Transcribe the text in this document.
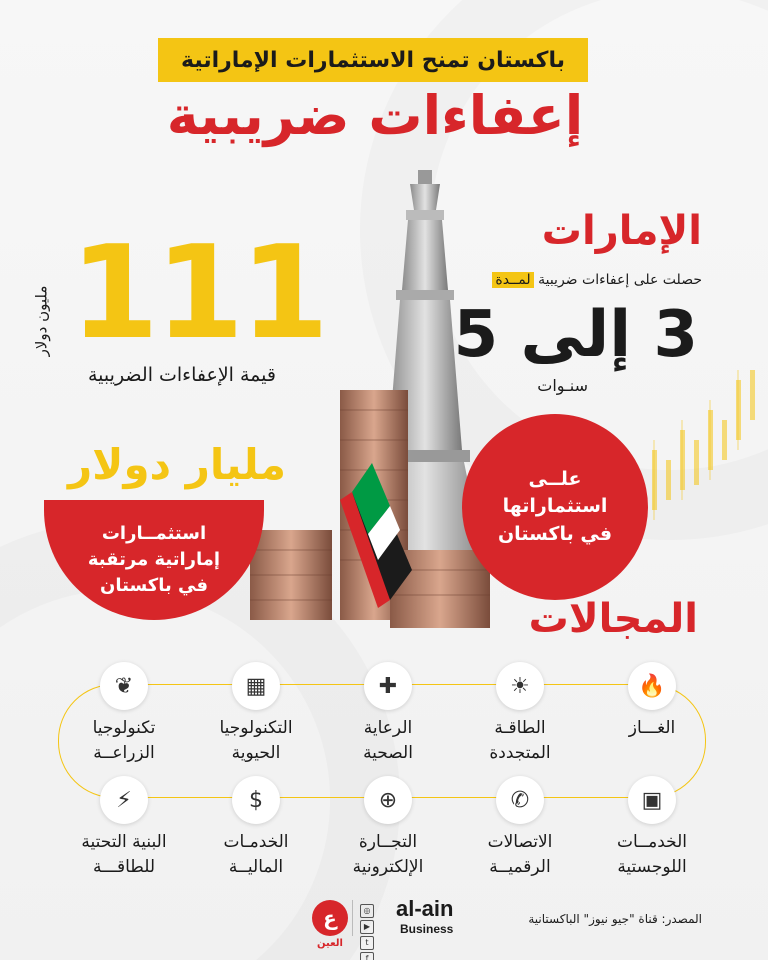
باكستان تمنح الاستثمارات الإماراتية
إعفاءات ضريبية
الإمارات
حصلت على إعفاءات ضريبية لمــدة
3 إلى 5
سنـوات
مليون دولار 111
قيمة الإعفاءات الضريبية
مليار دولار
استثمــارات
إماراتية مرتقبة
في باكستان
علــى
استثماراتها
في باكستان
المجالات
🔥
الغـــاز
☀
الطاقـة
المتجددة
✚
الرعاية
الصحية
▦
التكنولوجيا
الحيوية
❦
تكنولوجيا
الزراعــة
▣
الخدمــات
اللوجستية
✆
الاتصالات
الرقميــة
⊕
التجــارة
الإلكترونية
$
الخدمـات
الماليــة
⚡
البنية التحتية
للطاقـــة
ع
العين
◎
▶
t
f
al-ain
Business
المصدر: قناة "جيو نيوز" الباكستانية
